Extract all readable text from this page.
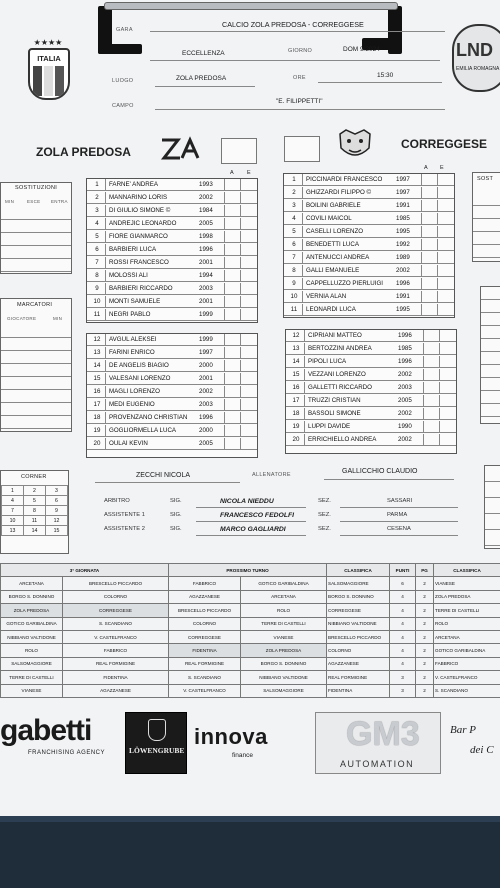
★★★★
ITALIA	LND
EMILIA ROMAGNA
GARA
CALCIO ZOLA PREDOSA - CORREGGESE
ECCELLENZA	GIORNO	DOM 9/2024
LUOGO	ZOLA PREDOSA	ORE	15:30
CAMPO
"E. FILIPPETTI"
ZOLA PREDOSA
CORREGGESE
SOSTITUZIONI
MIN	ESCE ENTRA
MARCATORI
GIOCATORE	MIN
CORNER
1	2	3
4	5	6
7	8	9
10	11	12
13	14	15
SOST
1	FARNE' ANDREA	1993
2	MANNARINO LORIS	2002
3	DI GIULIO SIMONE ©	1984
4	ANDREJIC LEONARDO	2005
5	FIORE GIANMARCO	1998
6	BARBIERI LUCA	1996
7	ROSSI FRANCESCO	2001
8	MOLOSSI ALI	1994
9	BARBIERI RICCARDO	2003
10	MONTI SAMUELE	2001
11	NEGRI PABLO	1999
A E
12	AVGUL ALEKSEI	1999
13	FARINI ENRICO	1997
14	DE ANGELIS BIAGIO	2000
15	VALESANI LORENZO	2001
16	MAGLI LORENZO	2002
17	MEDI EUGENIO	2003
18	PROVENZANO CHRISTIAN 1996
19	GOGLIORMELLA LUCA	2000
20	OULAI KEVIN	2005
1	PICCINARDI FRANCESCO 1997
2	GHIZZARDI FILIPPO ©	1997
3	BOILINI GABRIELE	1991
4	COVILI MAICOL	1985
5	CASELLI LORENZO	1995
6	BENEDETTI LUCA	1992
7	ANTENUCCI ANDREA	1989
8	GALLI EMANUELE	2002
9	CAPPELLUZZO PIERLUIGI 1996
10	VERNIA ALAN	1991
11	LEONARDI LUCA	1995
A E
12	CIPRIANI MATTEO	1996
13	BERTOZZINI ANDREA	1985
14	PIPOLI LUCA	1996
15	VEZZANI LORENZO	2002
16	GALLETTI RICCARDO	2003
17	TRUZZI CRISTIAN	2005
18	BASSOLI SIMONE	2002
19	LUPPI DAVIDE	1990
20	ERRICHIELLO ANDREA	2002
ZECCHI NICOLA	ALLENATORE	GALLICCHIO CLAUDIO
ARBITRO	SIG.	NICOLA NIEDDU	SEZ.	SASSARI
ASSISTENTE 1	SIG.	FRANCESCO FEDOLFI	SEZ.	PARMA
ASSISTENTE 2	SIG.	MARCO GAGLIARDI	SEZ.	CESENA
3° GIORNATA		PROSSIMO TURNO		CLASSIFICA	PUNTI	PG	CLASSIFICA
ARCETANA	BRESCELLO PICCARDO	FABBRICO	GOTICO GARIBALDINA	SALSOMAGGIORE	6	2	VIANESE
BORGO S. DONNINO	COLORNO	AGAZZANESE	ARCETANA	BORGO S. DONNINO	4	2	ZOLA PREDOSA
ZOLA PREDOSA	CORREGGESE	BRESCELLO PICCARDO	ROLO	CORREGGESE	4	2	TERRE DI CASTELLI
GOTICO GARIBALDINA	S. SCANDIANO	COLORNO	TERRE DI CASTELLI	NIBBIANO VALTIDONE	4	2	ROLO
NIBBIANO VALTIDONE	V. CASTELFRANCO	CORREGGESE	VIANESE	BRESCELLO PICCARDO	4	2	ARCETANA
ROLO	FABBRICO	FIDENTINA	ZOLA PREDOSA	COLORNO	4	2	GOTICO GARIBALDINA
SALSOMAGGIORE	REAL FORMIGINE	REAL FORMIGINE	BORGO S. DONNINO	AGAZZANESE	4	2	FABBRICO
TERRE DI CASTELLI	FIDENTINA	S. SCANDIANO	NIBBIANO VALTIDONE	REAL FORMIGINE	3	2	V. CASTELFRANCO
VIANESE	AGAZZANESE	V. CASTELFRANCO	SALSOMAGGIORE	FIDENTINA	3	2	S. SCANDIANO
gabetti
FRANCHISING AGENCY	LÖWENGRUBE
innova
finance
GM3
AUTOMATION
Bar P
dei C
